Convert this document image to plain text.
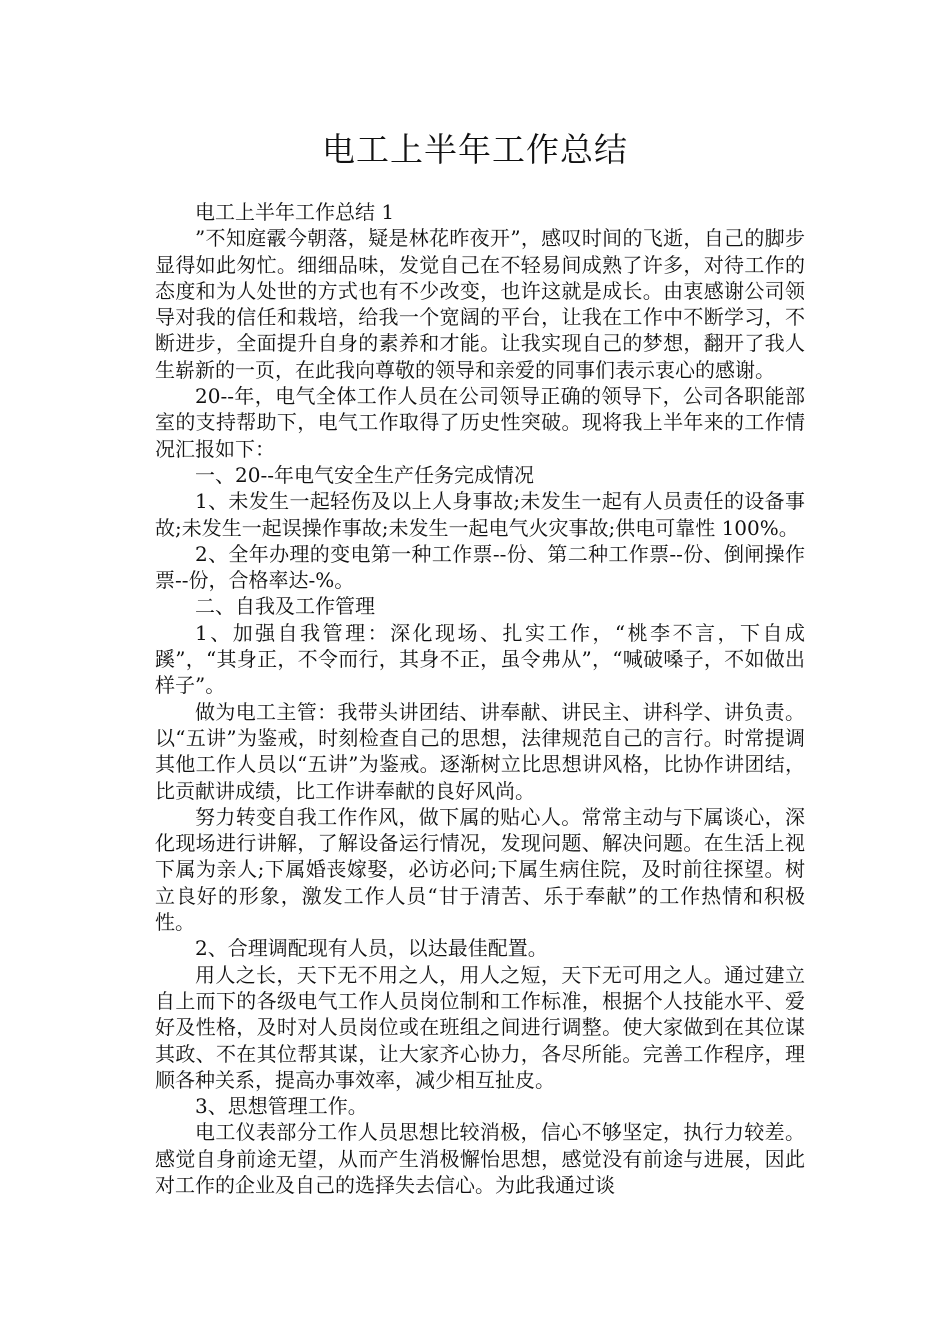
电工上半年工作总结

电工上半年工作总结 1

”不知庭霰今朝落，疑是林花昨夜开”，感叹时间的飞逝，自己的脚步显得如此匆忙。细细品味，发觉自己在不轻易间成熟了许多，对待工作的态度和为人处世的方式也有不少改变，也许这就是成长。由衷感谢公司领导对我的信任和栽培，给我一个宽阔的平台，让我在工作中不断学习，不断进步，全面提升自身的素养和才能。让我实现自己的梦想，翻开了我人生崭新的一页，在此我向尊敬的领导和亲爱的同事们表示衷心的感谢。

20--年，电气全体工作人员在公司领导正确的领导下，公司各职能部室的支持帮助下，电气工作取得了历史性突破。现将我上半年来的工作情况汇报如下：

一、20--年电气安全生产任务完成情况

1、未发生一起轻伤及以上人身事故;未发生一起有人员责任的设备事故;未发生一起误操作事故;未发生一起电气火灾事故;供电可靠性 100%。

2、全年办理的变电第一种工作票--份、第二种工作票--份、倒闸操作票--份，合格率达-%。

二、自我及工作管理

1、加强自我管理：深化现场、扎实工作，“桃李不言，下自成蹊”，“其身正，不令而行，其身不正，虽令弗从”，“喊破嗓子，不如做出样子”。

做为电工主管：我带头讲团结、讲奉献、讲民主、讲科学、讲负责。以“五讲”为鉴戒，时刻检查自己的思想，法律规范自己的言行。时常提调其他工作人员以“五讲”为鉴戒。逐渐树立比思想讲风格，比协作讲团结，比贡献讲成绩，比工作讲奉献的良好风尚。

努力转变自我工作作风，做下属的贴心人。常常主动与下属谈心，深化现场进行讲解，了解设备运行情况，发现问题、解决问题。在生活上视下属为亲人;下属婚丧嫁娶，必访必问;下属生病住院，及时前往探望。树立良好的形象，激发工作人员“甘于清苦、乐于奉献”的工作热情和积极性。

2、合理调配现有人员，以达最佳配置。

用人之长，天下无不用之人，用人之短，天下无可用之人。通过建立自上而下的各级电气工作人员岗位制和工作标准，根据个人技能水平、爱好及性格，及时对人员岗位或在班组之间进行调整。使大家做到在其位谋其政、不在其位帮其谋，让大家齐心协力，各尽所能。完善工作程序，理顺各种关系，提高办事效率，减少相互扯皮。

3、思想管理工作。

电工仪表部分工作人员思想比较消极，信心不够坚定，执行力较差。感觉自身前途无望，从而产生消极懈怡思想，感觉没有前途与进展，因此对工作的企业及自己的选择失去信心。为此我通过谈
